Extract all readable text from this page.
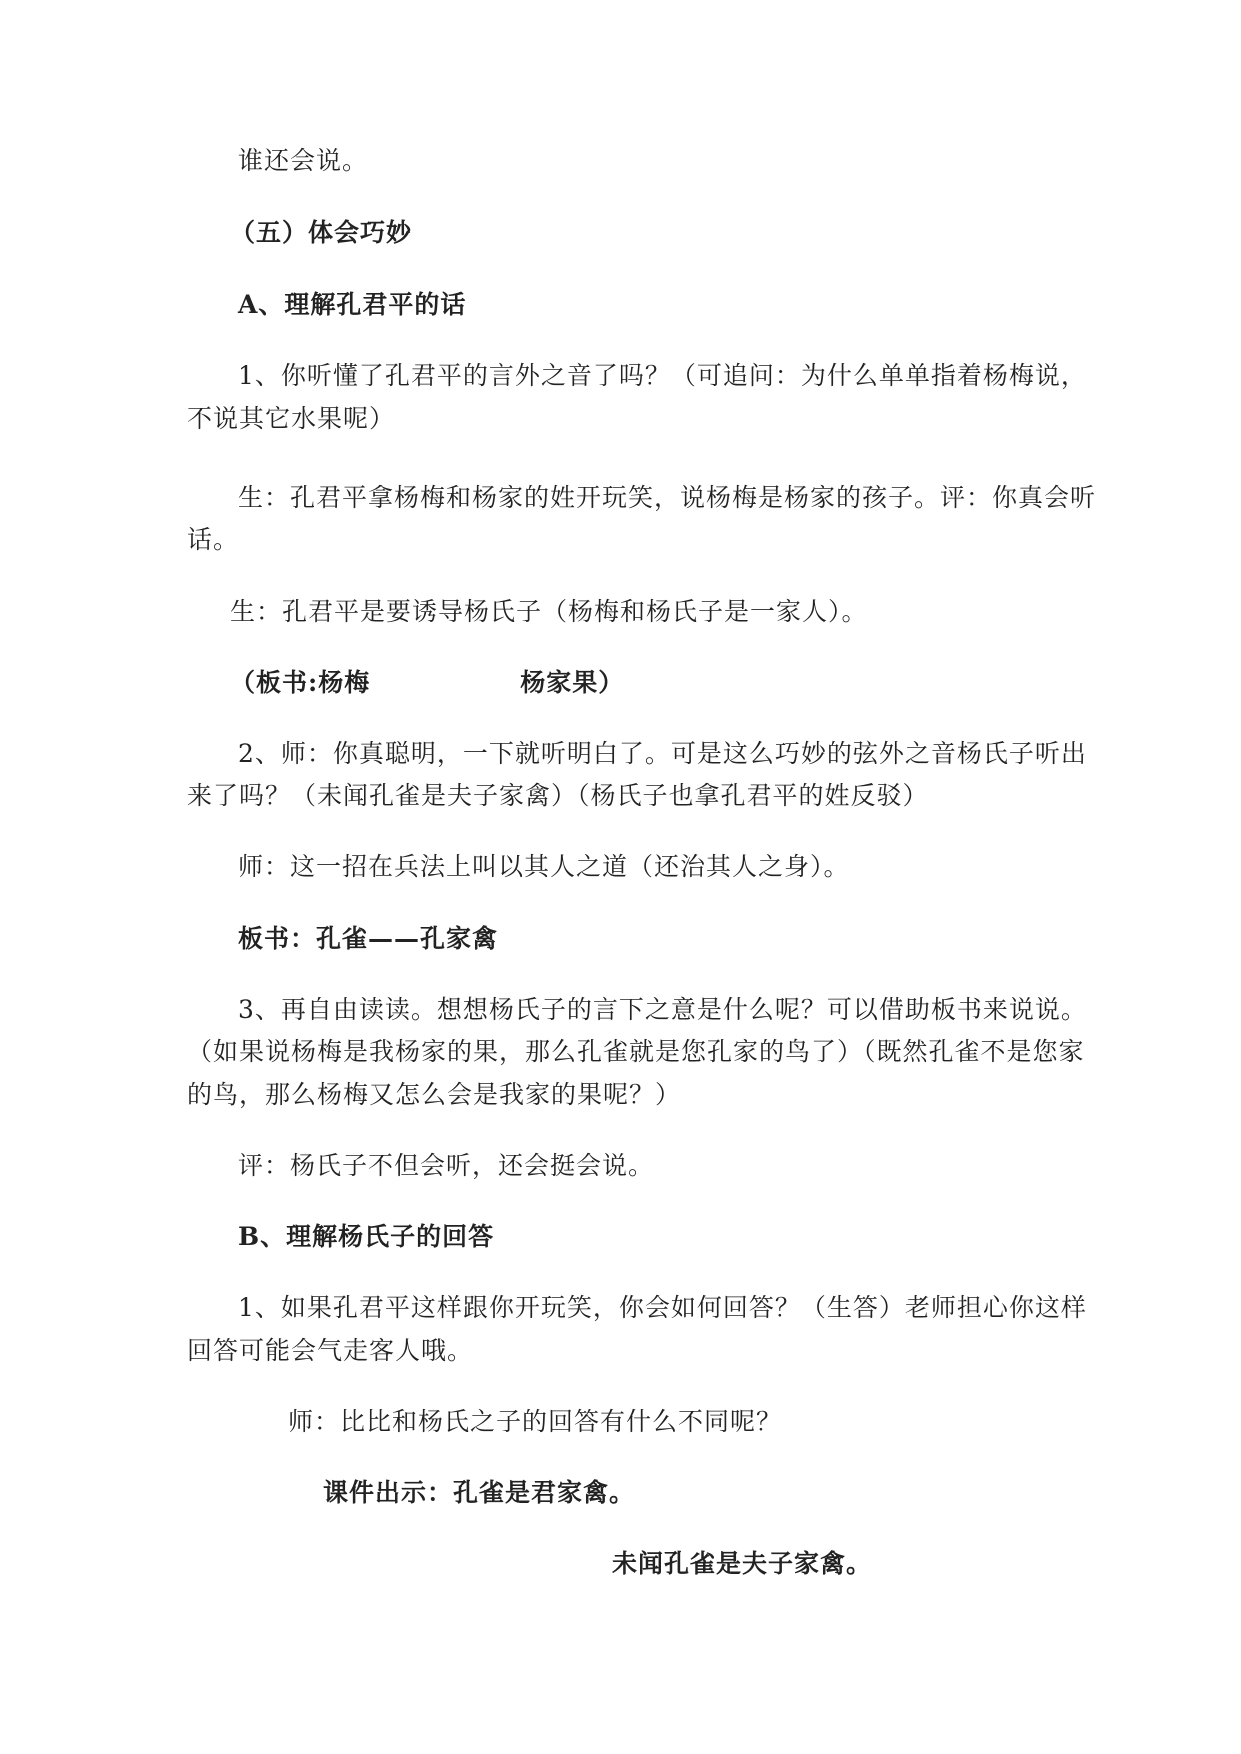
谁还会说。
（五）体会巧妙
A、理解孔君平的话
1、你听懂了孔君平的言外之音了吗？（可追问：为什么单单指着杨梅说，
不说其它水果呢）
生：孔君平拿杨梅和杨家的姓开玩笑，说杨梅是杨家的孩子。评：你真会听
话。
生：孔君平是要诱导杨氏子（杨梅和杨氏子是一家人）。
（板书:杨梅	杨家果）
2、师：你真聪明，一下就听明白了。可是这么巧妙的弦外之音杨氏子听出
来了吗？（未闻孔雀是夫子家禽）（杨氏子也拿孔君平的姓反驳）
师：这一招在兵法上叫以其人之道（还治其人之身）。
板书：孔雀——孔家禽
3、再自由读读。想想杨氏子的言下之意是什么呢？可以借助板书来说说。
（如果说杨梅是我杨家的果，那么孔雀就是您孔家的鸟了）（既然孔雀不是您家
的鸟，那么杨梅又怎么会是我家的果呢？）
评：杨氏子不但会听，还会挺会说。
B、理解杨氏子的回答
1、如果孔君平这样跟你开玩笑，你会如何回答？（生答）老师担心你这样
回答可能会气走客人哦。
师：比比和杨氏之子的回答有什么不同呢？
课件出示：孔雀是君家禽。
未闻孔雀是夫子家禽。
